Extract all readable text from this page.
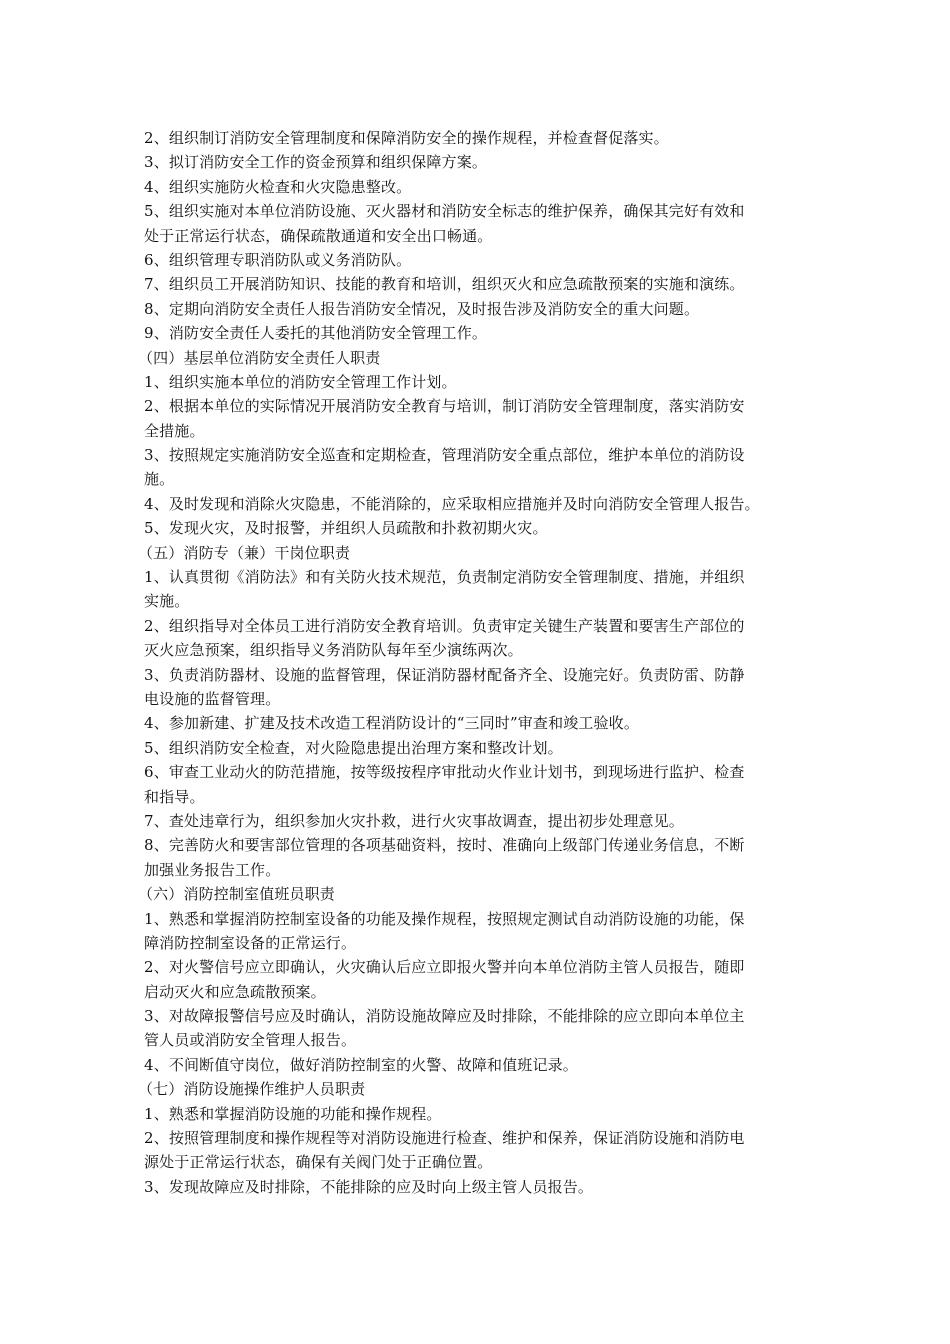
2、组织制订消防安全管理制度和保障消防安全的操作规程，并检查督促落实。
3、拟订消防安全工作的资金预算和组织保障方案。
4、组织实施防火检查和火灾隐患整改。
5、组织实施对本单位消防设施、灭火器材和消防安全标志的维护保养，确保其完好有效和
处于正常运行状态，确保疏散通道和安全出口畅通。
6、组织管理专职消防队或义务消防队。
7、组织员工开展消防知识、技能的教育和培训，组织灭火和应急疏散预案的实施和演练。
8、定期向消防安全责任人报告消防安全情况，及时报告涉及消防安全的重大问题。
9、消防安全责任人委托的其他消防安全管理工作。
（四）基层单位消防安全责任人职责
1、组织实施本单位的消防安全管理工作计划。
2、根据本单位的实际情况开展消防安全教育与培训，制订消防安全管理制度，落实消防安
全措施。
3、按照规定实施消防安全巡查和定期检查，管理消防安全重点部位，维护本单位的消防设
施。
4、及时发现和消除火灾隐患，不能消除的，应采取相应措施并及时向消防安全管理人报告。
5、发现火灾，及时报警，并组织人员疏散和扑救初期火灾。
（五）消防专（兼）干岗位职责
1、认真贯彻《消防法》和有关防火技术规范，负责制定消防安全管理制度、措施，并组织
实施。
2、组织指导对全体员工进行消防安全教育培训。负责审定关键生产装置和要害生产部位的
灭火应急预案，组织指导义务消防队每年至少演练两次。
3、负责消防器材、设施的监督管理，保证消防器材配备齐全、设施完好。负责防雷、防静
电设施的监督管理。
4、参加新建、扩建及技术改造工程消防设计的“三同时”审查和竣工验收。
5、组织消防安全检查，对火险隐患提出治理方案和整改计划。
6、审查工业动火的防范措施，按等级按程序审批动火作业计划书，到现场进行监护、检查
和指导。
7、查处违章行为，组织参加火灾扑救，进行火灾事故调查，提出初步处理意见。
8、完善防火和要害部位管理的各项基础资料，按时、准确向上级部门传递业务信息，不断
加强业务报告工作。
（六）消防控制室值班员职责
1、熟悉和掌握消防控制室设备的功能及操作规程，按照规定测试自动消防设施的功能，保
障消防控制室设备的正常运行。
2、对火警信号应立即确认，火灾确认后应立即报火警并向本单位消防主管人员报告，随即
启动灭火和应急疏散预案。
3、对故障报警信号应及时确认，消防设施故障应及时排除，不能排除的应立即向本单位主
管人员或消防安全管理人报告。
4、不间断值守岗位，做好消防控制室的火警、故障和值班记录。
（七）消防设施操作维护人员职责
1、熟悉和掌握消防设施的功能和操作规程。
2、按照管理制度和操作规程等对消防设施进行检查、维护和保养，保证消防设施和消防电
源处于正常运行状态，确保有关阀门处于正确位置。
3、发现故障应及时排除，不能排除的应及时向上级主管人员报告。
